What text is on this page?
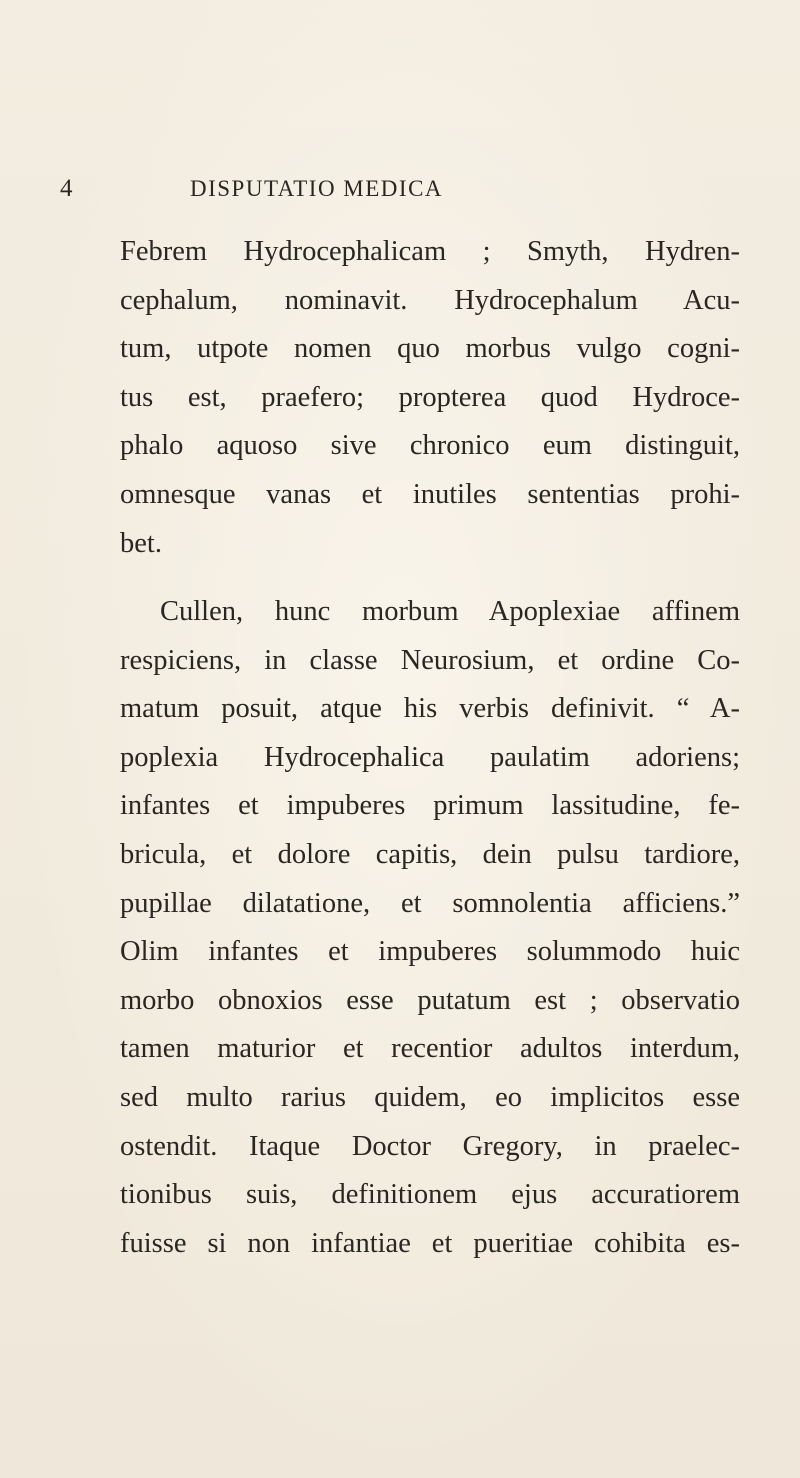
4	DISPUTATIO MEDICA
Febrem Hydrocephalicam ; Smyth, Hydren-
cephalum, nominavit. Hydrocephalum Acu-
tum, utpote nomen quo morbus vulgo cogni-
tus est, praefero; propterea quod Hydroce-
phalo aquoso sive chronico eum distinguit,
omnesque vanas et inutiles sententias prohi-
bet.
Cullen, hunc morbum Apoplexiae affinem
respiciens, in classe Neurosium, et ordine Co-
matum posuit, atque his verbis definivit. “ A-
poplexia Hydrocephalica paulatim adoriens;
infantes et impuberes primum lassitudine, fe-
bricula, et dolore capitis, dein pulsu tardiore,
pupillae dilatatione, et somnolentia afficiens.”
Olim infantes et impuberes solummodo huic
morbo obnoxios esse putatum est ; observatio
tamen maturior et recentior adultos interdum,
sed multo rarius quidem, eo implicitos esse
ostendit. Itaque Doctor Gregory, in praelec-
tionibus suis, definitionem ejus accuratiorem
fuisse si non infantiae et pueritiae cohibita es-
